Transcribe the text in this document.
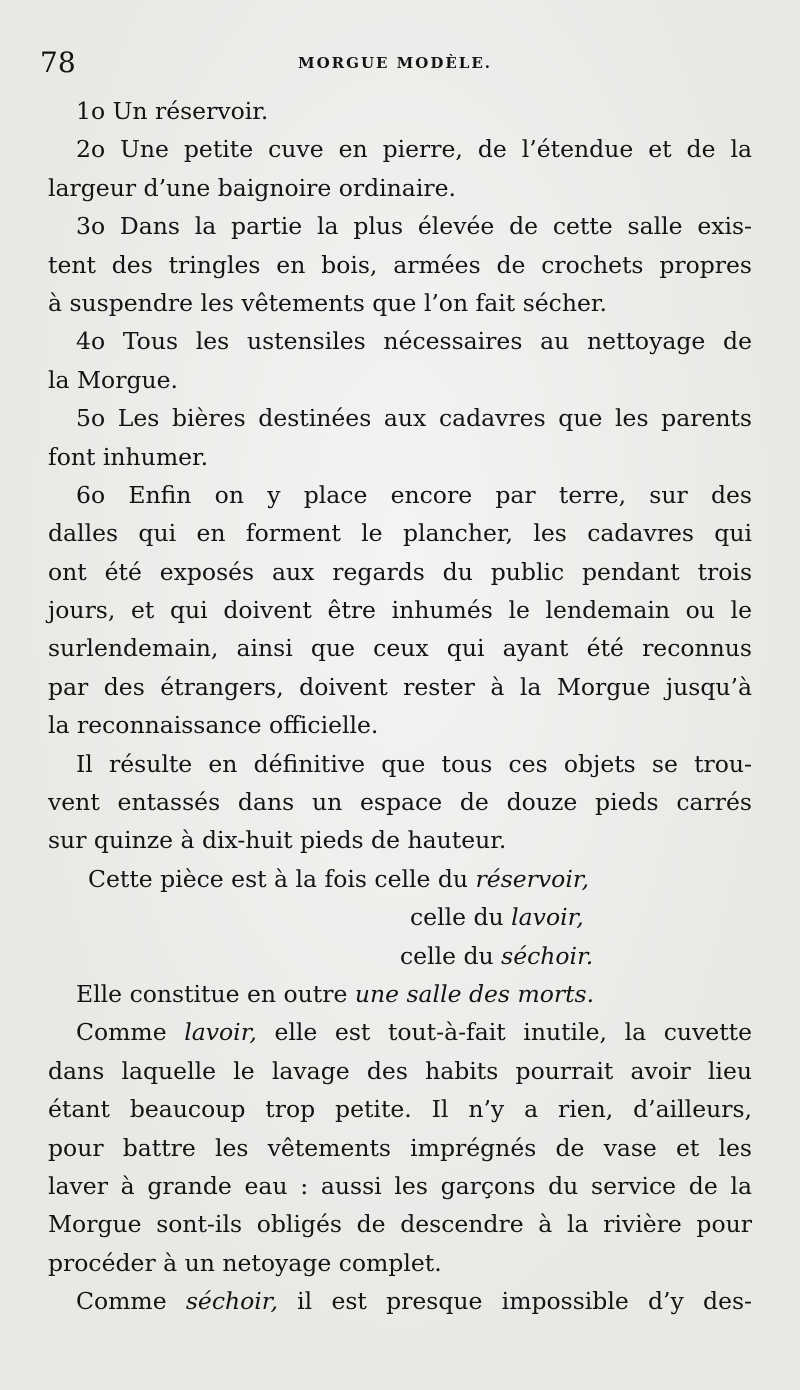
78	MORGUE MODÈLE.
1o Un réservoir.
2o Une petite cuve en pierre, de l’étendue et de la
largeur d’une baignoire ordinaire.
3o Dans la partie la plus élevée de cette salle exis-
tent des tringles en bois, armées de crochets propres
à suspendre les vêtements que l’on fait sécher.
4o Tous les ustensiles nécessaires au nettoyage de
la Morgue.
5o Les bières destinées aux cadavres que les parents
font inhumer.
6o Enfin on y place encore par terre, sur des
dalles qui en forment le plancher, les cadavres qui
ont été exposés aux regards du public pendant trois
jours, et qui doivent être inhumés le lendemain ou le
surlendemain, ainsi que ceux qui ayant été reconnus
par des étrangers, doivent rester à la Morgue jusqu’à
la reconnaissance officielle.
Il résulte en définitive que tous ces objets se trou-
vent entassés dans un espace de douze pieds carrés
sur quinze à dix-huit pieds de hauteur.
Cette pièce est à la fois celle du réservoir,
celle du lavoir,
celle du séchoir.
Elle constitue en outre une salle des morts.
Comme lavoir, elle est tout-à-fait inutile, la cuvette
dans laquelle le lavage des habits pourrait avoir lieu
étant beaucoup trop petite. Il n’y a rien, d’ailleurs,
pour battre les vêtements imprégnés de vase et les
laver à grande eau : aussi les garçons du service de la
Morgue sont-ils obligés de descendre à la rivière pour
procéder à un netoyage complet.
Comme séchoir, il est presque impossible d’y des-
